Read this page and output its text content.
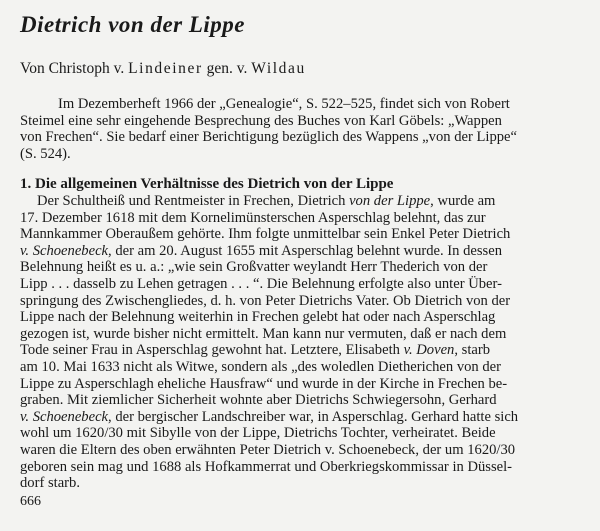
Dietrich von der Lippe
Von Christoph v. Lindeiner gen. v. Wildau
Im Dezemberheft 1966 der „Genealogie“, S. 522–525, findet sich von Robert
Steimel eine sehr eingehende Besprechung des Buches von Karl Göbels: „Wappen
von Frechen“. Sie bedarf einer Berichtigung bezüglich des Wappens „von der Lippe“
(S. 524).
1. Die allgemeinen Verhältnisse des Dietrich von der Lippe
Der Schultheiß und Rentmeister in Frechen, Dietrich von der Lippe, wurde am
17. Dezember 1618 mit dem Kornelimünsterschen Asperschlag belehnt, das zur
Mannkammer Oberaußem gehörte. Ihm folgte unmittelbar sein Enkel Peter Dietrich
v. Schoenebeck, der am 20. August 1655 mit Asperschlag belehnt wurde. In dessen
Belehnung heißt es u. a.: „wie sein Großvatter weylandt Herr Thederich von der
Lipp . . . dasselb zu Lehen getragen . . . “. Die Belehnung erfolgte also unter Über-
springung des Zwischengliedes, d. h. von Peter Dietrichs Vater. Ob Dietrich von der
Lippe nach der Belehnung weiterhin in Frechen gelebt hat oder nach Asperschlag
gezogen ist, wurde bisher nicht ermittelt. Man kann nur vermuten, daß er nach dem
Tode seiner Frau in Asperschlag gewohnt hat. Letztere, Elisabeth v. Doven, starb
am 10. Mai 1633 nicht als Witwe, sondern als „des woledlen Dietherichen von der
Lippe zu Asperschlagh eheliche Hausfraw“ und wurde in der Kirche in Frechen be-
graben. Mit ziemlicher Sicherheit wohnte aber Dietrichs Schwiegersohn, Gerhard
v. Schoenebeck, der bergischer Landschreiber war, in Asperschlag. Gerhard hatte sich
wohl um 1620/30 mit Sibylle von der Lippe, Dietrichs Tochter, verheiratet. Beide
waren die Eltern des oben erwähnten Peter Dietrich v. Schoenebeck, der um 1620/30
geboren sein mag und 1688 als Hofkammerrat und Oberkriegskommissar in Düssel-
dorf starb.
666
